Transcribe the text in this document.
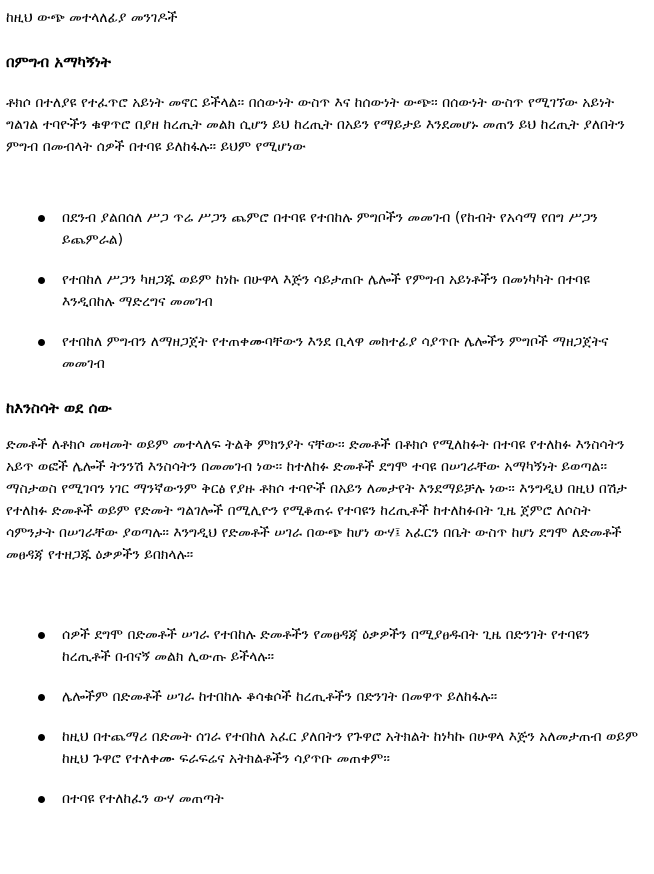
ከዚህ ውጭ መተላለፊያ መንገዶች

በምግብ አማካኝነት

ቶክሶ በተለያዩ የተፈጥሮ አይነት መኖር ይችላል፡፡ በሰውነት ውስጥ እና ከሰውነት ውጭ፡፡ በሰውነት ውስጥ የሚገኘው አይነት ግልገል ተባዮችን ቁዋጥሮ በያዘ ከረጢት መልክ ሲሆን ይህ ከረጢት በአይን የማይታይ እንደመሆኑ መጠን ይህ ከረጢት ያለበትን ምግብ በመብላት ሰዎች በተባዩ ይለከፋሉ፡፡ ይህም የሚሆነው

በደንብ ያልበሰለ ሥጋ ጥሬ ሥጋን ጨምሮ በተባዩ የተበከሉ ምግቦችን መመገብ (የከብት የአሳማ የበግ ሥጋን ይጨምራል)
የተበከለ ሥጋን ካዘጋጁ ወይም ከነኩ በሁዋላ እጅን ሳይታጠቡ ሌሎች የምግብ አይነቶችን በመነካካት በተባዩ እንዲበከሉ ማድረግና መመገብ
የተበከለ ምግብን ለማዘጋጀት የተጠቀሙባቸውን እንደ ቢላዋ መክተፊያ ሳያጥቡ ሌሎችን ምግቦች ማዘጋጀትና መመገብ
ከእንስሳት ወደ ሰው

ድመቶች ለቶክሶ መዛመት ወይም መተላለፍ ትልቅ ምክንያት ናቸው፡፡ ድመቶች በቶክሶ የሚለከፉት በተባዩ የተለከፉ እንስሳትን አይጥ ወፎች ሌሎች ትንንሽ እንስሳትን በመመገብ ነው፡፡ ከተለከፉ ድመቶች ደግሞ ተባዩ በሠገራቸው አማካኝነት ይወጣል፡፡ ማስታወስ የሚገባን ነገር ማንኛውንም ቅርፅ የያዙ ቶክሶ ተባዮች በአይን ለመታየት እንደማይቻሉ ነው፡፡ እንግዲህ በዚህ በሽታ የተለከፉ ድመቶች ወይም የድመት ግልገሎች በሚሊዮን የሚቆጠሩ የተባዩን ከረጢቶች ከተለከፉበት ጊዜ ጀምሮ ለሶስት ሳምንታት በሠገራቸው ያወጣሉ፡፡ እንግዲህ የድመቶች ሠገራ በውጭ ከሆነ ውሃ፤ አፈርን በቤት ውስጥ ከሆነ ደግሞ ለድመቶች መፀዳጃ የተዘጋጁ ዕቃዎችን ይበክላሉ፡፡

ሰዎች ደግሞ በድመቶች ሠገራ የተበከሉ ድመቶችን የመፀዳጃ ዕቃዎችን በሚያፀዱበት ጊዜ በድንገት የተባዩን ከረጢቶች በብናኝ መልክ ሊውጡ ይችላሉ፡፡
ሌሎችም በድመቶች ሠገራ ከተበከሉ ቆሳቁሶች ከረጢቶችን በድንገት በመዋጥ ይለከፋሉ፡፡
ከዚህ በተጨማሪ በድመት ሰገራ የተበከለ አፈር ያለበትን የጉዋሮ አትክልት ከነካኩ በሁዋላ እጅን አለመታጠብ ወይም ከዚህ ጉዋሮ የተለቀሙ ፍራፍሬና አትክልቶችን ሳያጥቡ መጠቀም፡፡
በተባዩ የተለከፈን ውሃ መጠጣት
